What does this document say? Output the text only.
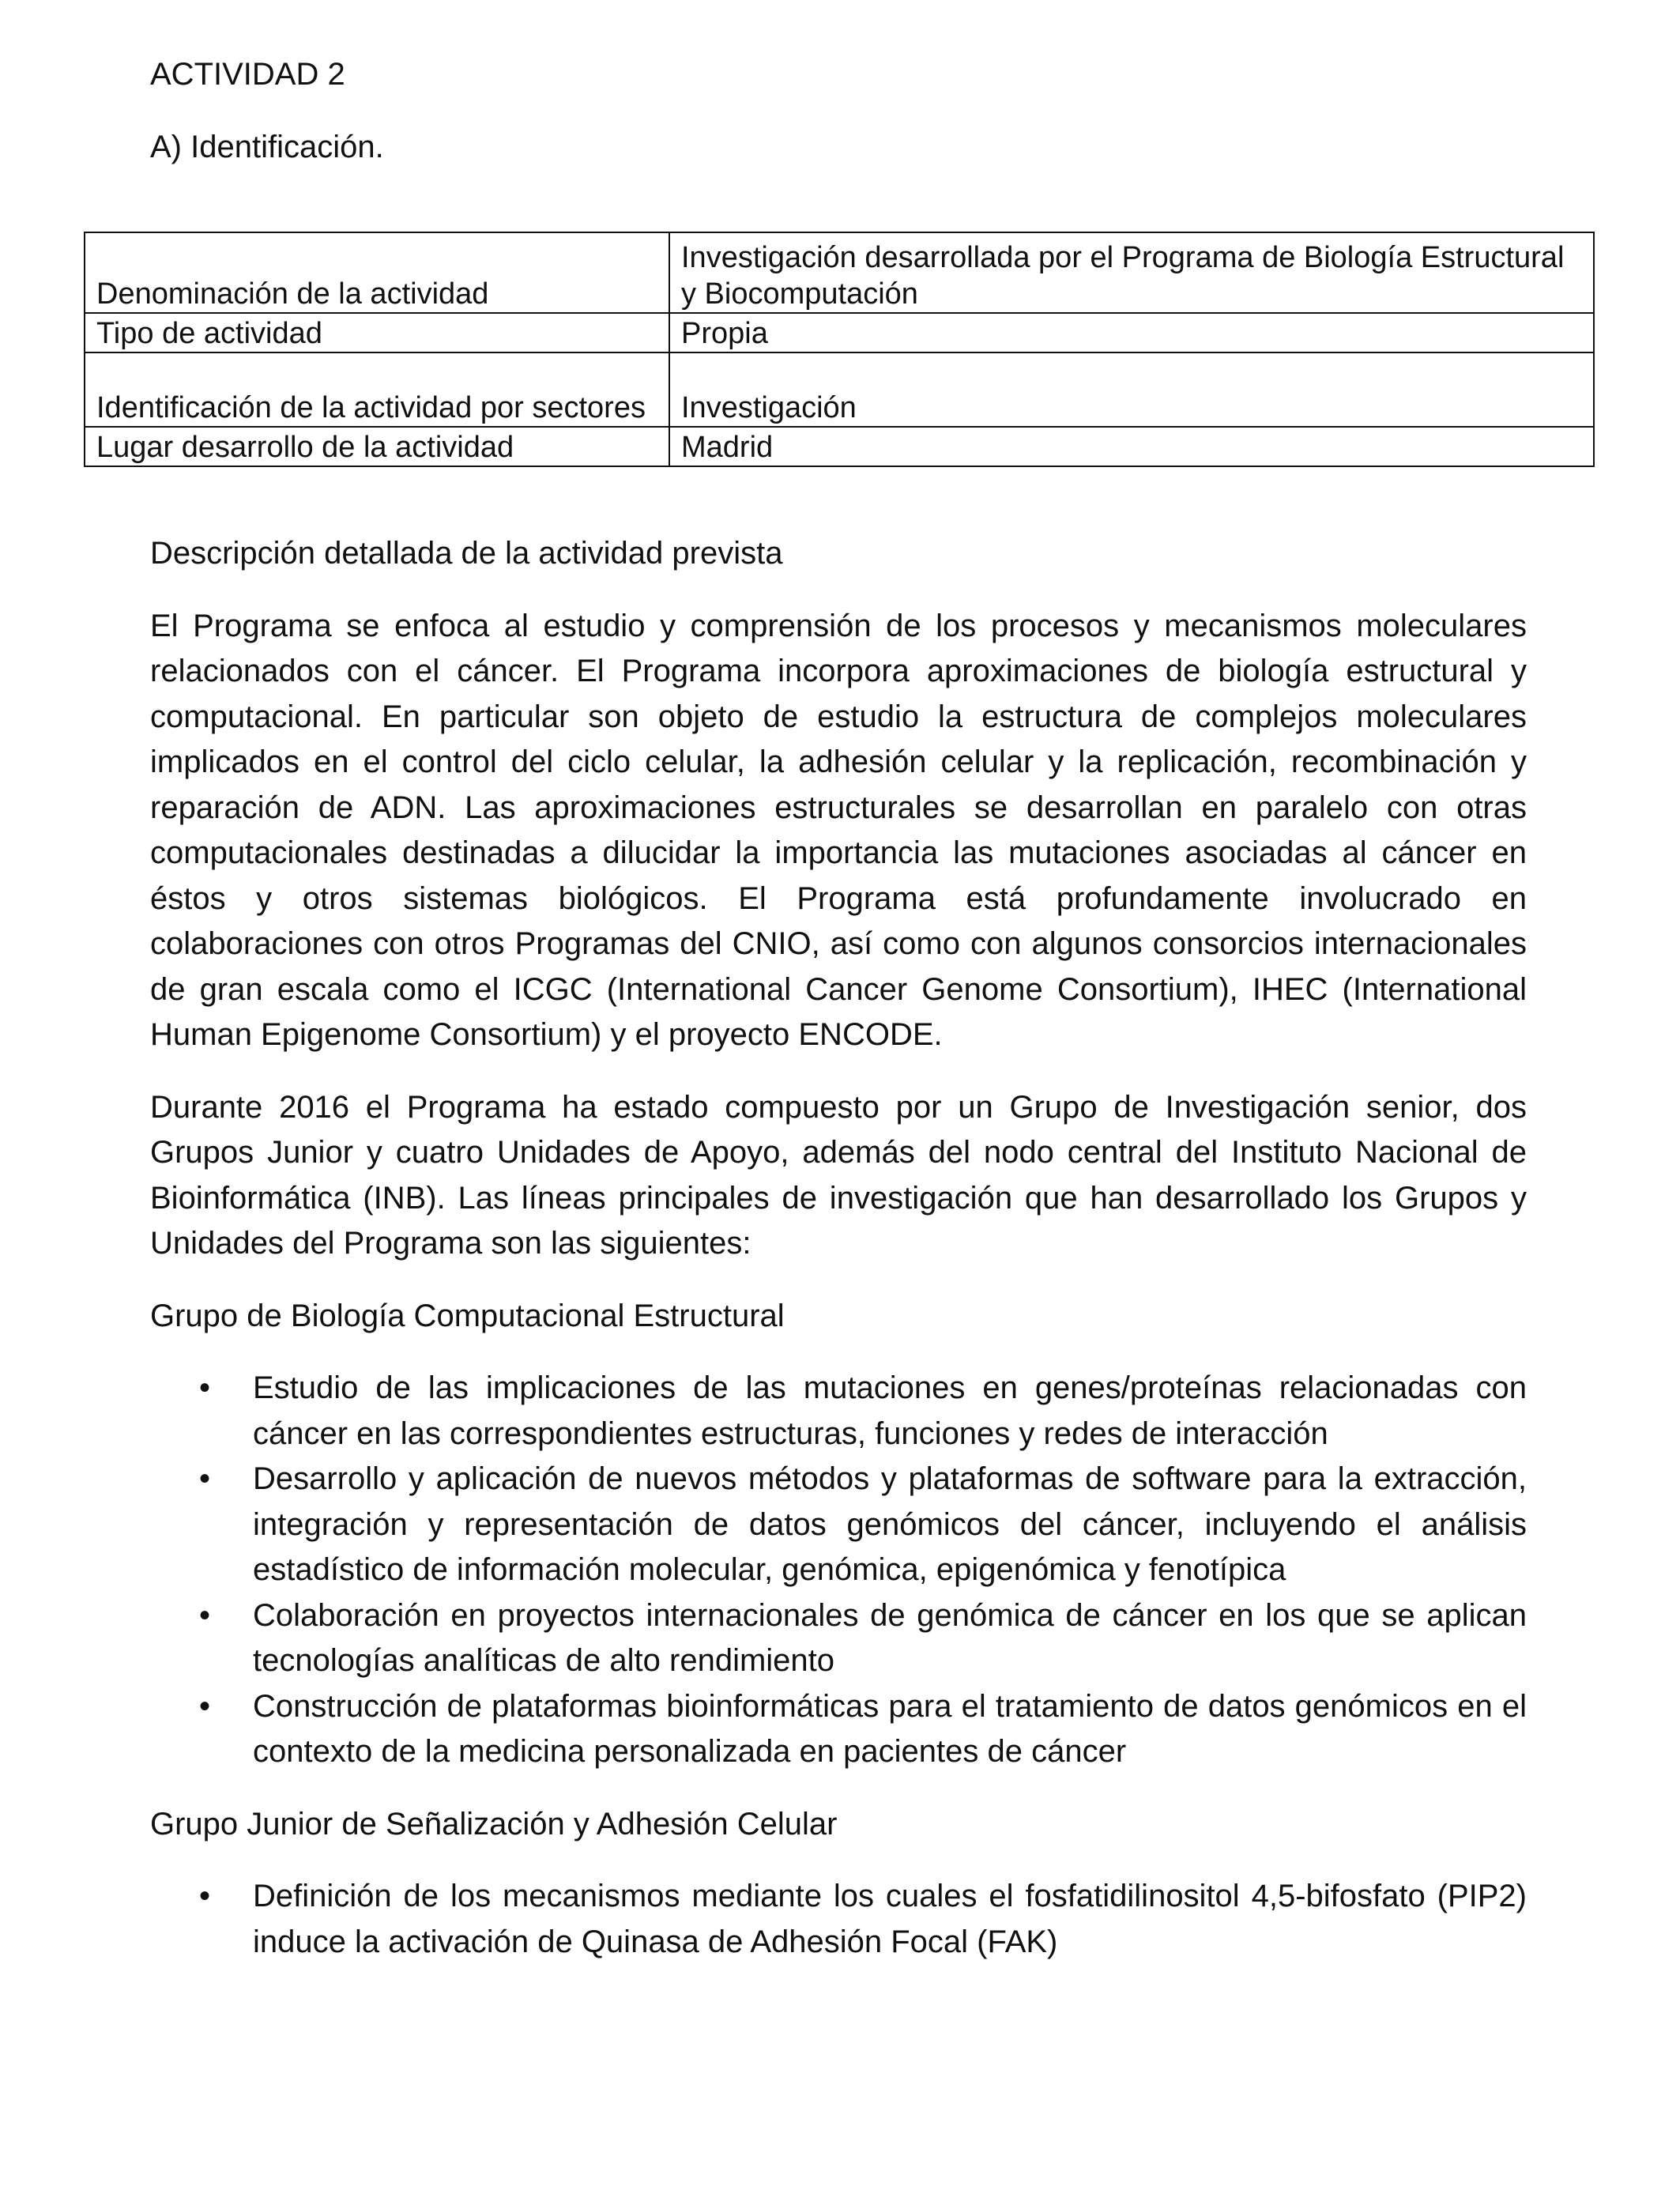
ACTIVIDAD 2
A) Identificación.
Denominación de la actividad	Investigación desarrollada por el Programa de Biología Estructural y Biocomputación
Tipo de actividad	Propia
Identificación de la actividad por sectores	Investigación
Lugar desarrollo de la actividad	Madrid

Descripción detallada de la actividad prevista

El Programa se enfoca al estudio y comprensión de los procesos y mecanismos moleculares relacionados con el cáncer. El Programa incorpora aproximaciones de biología estructural y computacional. En particular son objeto de estudio la estructura de complejos moleculares implicados en el control del ciclo celular, la adhesión celular y la replicación, recombinación y reparación de ADN. Las aproximaciones estructurales se desarrollan en paralelo con otras computacionales destinadas a dilucidar la importancia las mutaciones asociadas al cáncer en éstos y otros sistemas biológicos. El Programa está profundamente involucrado en colaboraciones con otros Programas del CNIO, así como con algunos consorcios internacionales de gran escala como el ICGC (International Cancer Genome Consortium), IHEC (International Human Epigenome Consortium) y el proyecto ENCODE.

Durante 2016 el Programa ha estado compuesto por un Grupo de Investigación senior, dos Grupos Junior y cuatro Unidades de Apoyo, además del nodo central del Instituto Nacional de Bioinformática (INB). Las líneas principales de investigación que han desarrollado los Grupos y Unidades del Programa son las siguientes:

Grupo de Biología Computacional Estructural

• Estudio de las implicaciones de las mutaciones en genes/proteínas relacionadas con cáncer en las correspondientes estructuras, funciones y redes de interacción
• Desarrollo y aplicación de nuevos métodos y plataformas de software para la extracción, integración y representación de datos genómicos del cáncer, incluyendo el análisis estadístico de información molecular, genómica, epigenómica y fenotípica
• Colaboración en proyectos internacionales de genómica de cáncer en los que se aplican tecnologías analíticas de alto rendimiento
• Construcción de plataformas bioinformáticas para el tratamiento de datos genómicos en el contexto de la medicina personalizada en pacientes de cáncer

Grupo Junior de Señalización y Adhesión Celular

• Definición de los mecanismos mediante los cuales el fosfatidilinositol 4,5-bifosfato (PIP2) induce la activación de Quinasa de Adhesión Focal (FAK)
